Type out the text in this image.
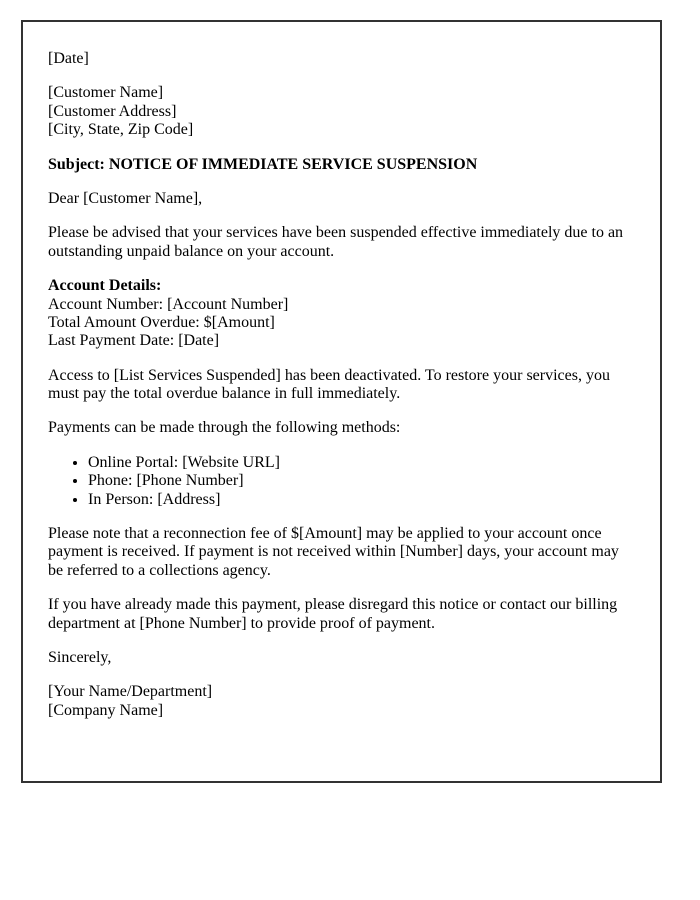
[Date]
[Customer Name]
[Customer Address]
[City, State, Zip Code]
Subject: NOTICE OF IMMEDIATE SERVICE SUSPENSION
Dear [Customer Name],
Please be advised that your services have been suspended effective immediately due to an outstanding unpaid balance on your account.
Account Details:
Account Number: [Account Number]
Total Amount Overdue: $[Amount]
Last Payment Date: [Date]
Access to [List Services Suspended] has been deactivated. To restore your services, you must pay the total overdue balance in full immediately.
Payments can be made through the following methods:
• Online Portal: [Website URL]
• Phone: [Phone Number]
• In Person: [Address]
Please note that a reconnection fee of $[Amount] may be applied to your account once payment is received. If payment is not received within [Number] days, your account may be referred to a collections agency.
If you have already made this payment, please disregard this notice or contact our billing department at [Phone Number] to provide proof of payment.
Sincerely,
[Your Name/Department]
[Company Name]
